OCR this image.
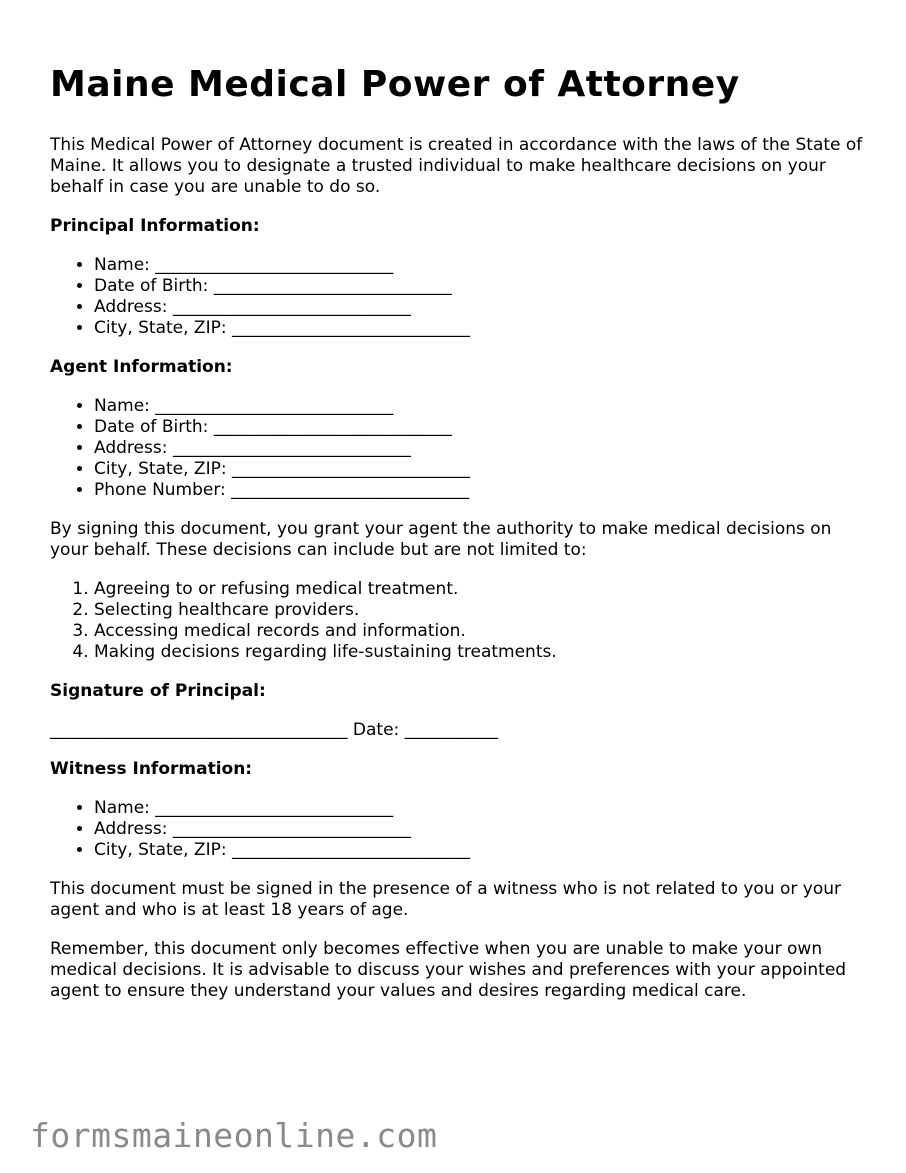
Maine Medical Power of Attorney

This Medical Power of Attorney document is created in accordance with the laws of the State of Maine. It allows you to designate a trusted individual to make healthcare decisions on your behalf in case you are unable to do so.

Principal Information:
• Name: ____________________________
• Date of Birth: ____________________________
• Address: ____________________________
• City, State, ZIP: ____________________________
Agent Information:
• Name: ____________________________
• Date of Birth: ____________________________
• Address: ____________________________
• City, State, ZIP: ____________________________
• Phone Number: ____________________________

By signing this document, you grant your agent the authority to make medical decisions on your behalf. These decisions can include but are not limited to:

1. Agreeing to or refusing medical treatment.
2. Selecting healthcare providers.
3. Accessing medical records and information.
4. Making decisions regarding life-sustaining treatments.
Signature of Principal:

___________________________________ Date: ___________

Witness Information:
• Name: ____________________________
• Address: ____________________________
• City, State, ZIP: ____________________________

This document must be signed in the presence of a witness who is not related to you or your agent and who is at least 18 years of age.

Remember, this document only becomes effective when you are unable to make your own medical decisions. It is advisable to discuss your wishes and preferences with your appointed agent to ensure they understand your values and desires regarding medical care.

formsmaineonline.com
